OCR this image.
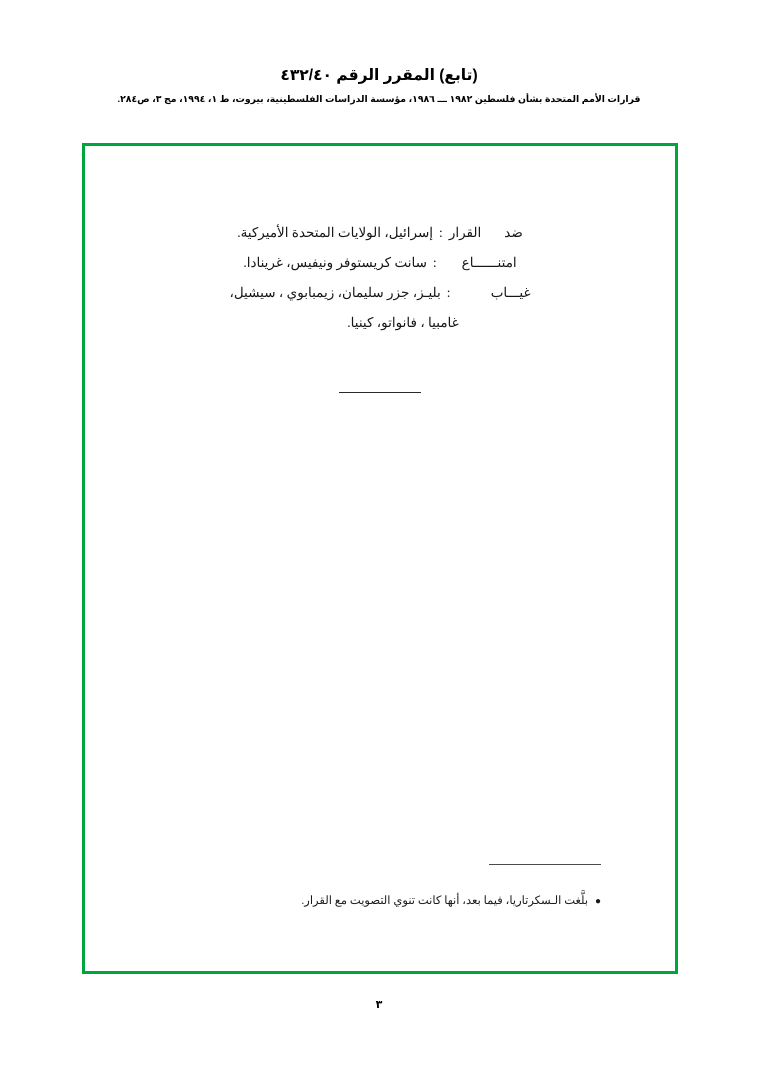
(تابع) المقرر الرقم ٤٣٢/٤٠
قرارات الأمم المتحدة بشأن فلسطين ١٩٨٢ ـــ ١٩٨٦، مؤسسة الدراسات الفلسطينية، بيروت، ط ١، ١٩٩٤، مج ٣، ص٢٨٤.
ضد القرار
:
إسرائيل، الولايات المتحدة الأميركية.
امتنــــــاع
:
سانت كريستوفر ونيفيس، غرينادا.
غيـــاب
:
بليـز، جزر سليمان، زيمبابوي ، سيشيل،
غامبيا ، فانواتو، كينيا.
● بلَّغت الـسكرتاريا، فيما بعد، أنها كانت تنوي التصويت مع القرار.
٣
